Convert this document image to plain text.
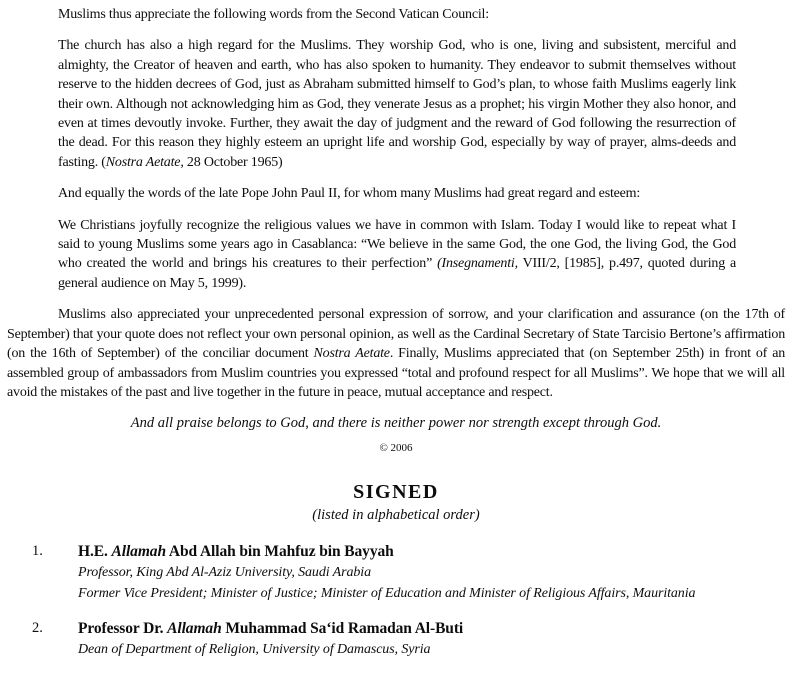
Muslims thus appreciate the following words from the Second Vatican Council:

The church has also a high regard for the Muslims. They worship God, who is one, living and subsistent, merciful and almighty, the Creator of heaven and earth, who has also spoken to humanity. They endeavor to submit themselves without reserve to the hidden decrees of God, just as Abraham submitted himself to God’s plan, to whose faith Muslims eagerly link their own. Although not acknowledging him as God, they venerate Jesus as a prophet; his virgin Mother they also honor, and even at times devoutly invoke. Further, they await the day of judgment and the reward of God following the resurrection of the dead. For this reason they highly esteem an upright life and worship God, especially by way of prayer, alms-deeds and fasting. (Nostra Aetate, 28 October 1965)

And equally the words of the late Pope John Paul II, for whom many Muslims had great regard and esteem:

We Christians joyfully recognize the religious values we have in common with Islam. Today I would like to repeat what I said to young Muslims some years ago in Casablanca: “We believe in the same God, the one God, the living God, the God who created the world and brings his creatures to their perfection” (Insegnamenti, VIII/2, [1985], p.497, quoted during a general audience on May 5, 1999).

Muslims also appreciated your unprecedented personal expression of sorrow, and your clarification and assurance (on the 17th of September) that your quote does not reflect your own personal opinion, as well as the Cardinal Secretary of State Tarcisio Bertone’s affirmation (on the 16th of September) of the conciliar document Nostra Aetate. Finally, Muslims appreciated that (on September 25th) in front of an assembled group of ambassadors from Muslim countries you expressed “total and profound respect for all Muslims”. We hope that we will all avoid the mistakes of the past and live together in the future in peace, mutual acceptance and respect.

And all praise belongs to God, and there is neither power nor strength except through God.

© 2006

SIGNED

(listed in alphabetical order)

1.	H.E. Allamah Abd Allah bin Mahfuz bin Bayyah
Professor, King Abd Al-Aziz University, Saudi Arabia
Former Vice President; Minister of Justice; Minister of Education and Minister of Religious Affairs, Mauritania
2.	Professor Dr. Allamah Muhammad Sa‘id Ramadan Al-Buti
Dean of Department of Religion, University of Damascus, Syria
